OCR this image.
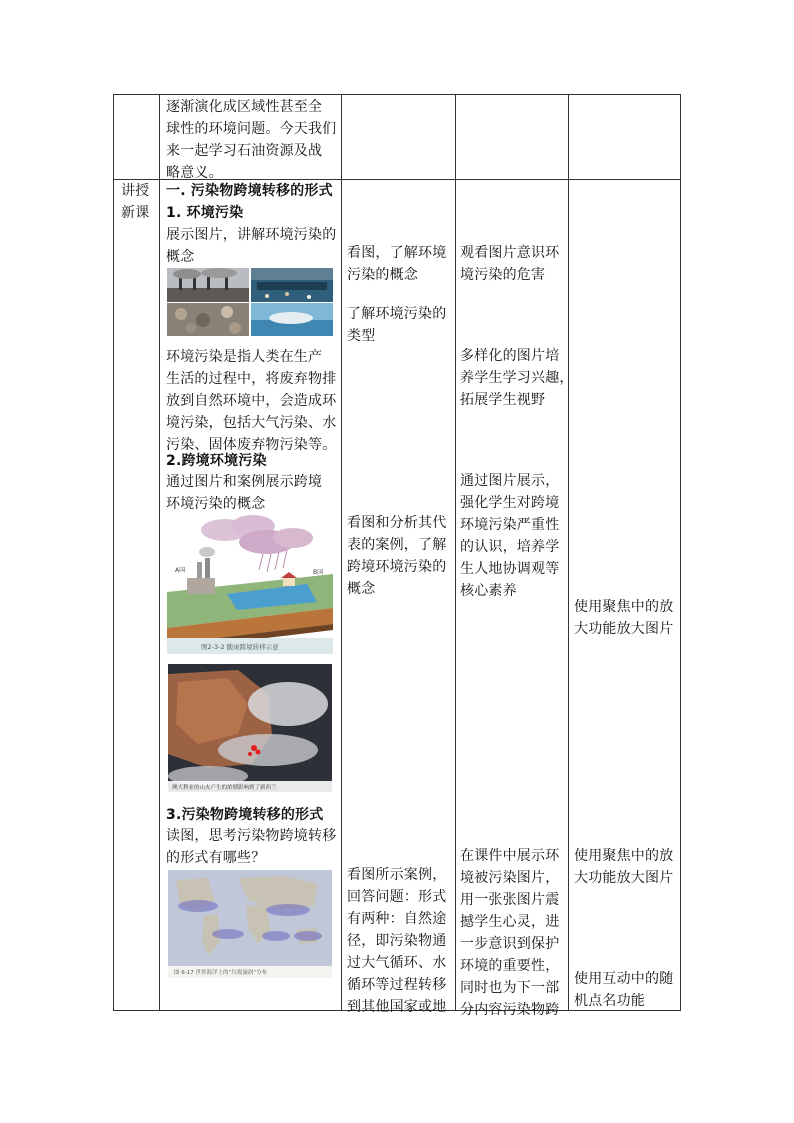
逐渐演化成区域性甚至全
球性的环境问题。今天我们
来一起学习石油资源及战
略意义。
讲授
新课
一. 污染物跨境转移的形式
1. 环境污染
展示图片，讲解环境污染的
概念
环境污染是指人类在生产
生活的过程中，将废弃物排
放到自然环境中，会造成环
境污染，包括大气污染、水
污染、固体废弃物污染等。
2.跨境环境污染
通过图片和案例展示跨境
环境污染的概念
A国	B国
图2-3-2 酸雨跨境转移示意
澳大利亚的山火产生的浓烟影响到了新西兰
3.污染物跨境转移的形式
读图，思考污染物跨境转移
的形式有哪些？
图 6-17 世界海洋上的“垃圾漩涡”分布
看图，了解环境
污染的概念
了解环境污染的
类型
看图和分析其代
表的案例，了解
跨境环境污染的
概念
看图所示案例，
回答问题：形式
有两种：自然途
径，即污染物通
过大气循环、水
循环等过程转移
到其他国家或地
观看图片意识环
境污染的危害
多样化的图片培
养学生学习兴趣，
拓展学生视野
通过图片展示，
强化学生对跨境
环境污染严重性
的认识，培养学
生人地协调观等
核心素养
在课件中展示环
境被污染图片，
用一张张图片震
撼学生心灵，进
一步意识到保护
环境的重要性，
同时也为下一部
分内容污染物跨
使用聚焦中的放
大功能放大图片
使用聚焦中的放
大功能放大图片
使用互动中的随
机点名功能
